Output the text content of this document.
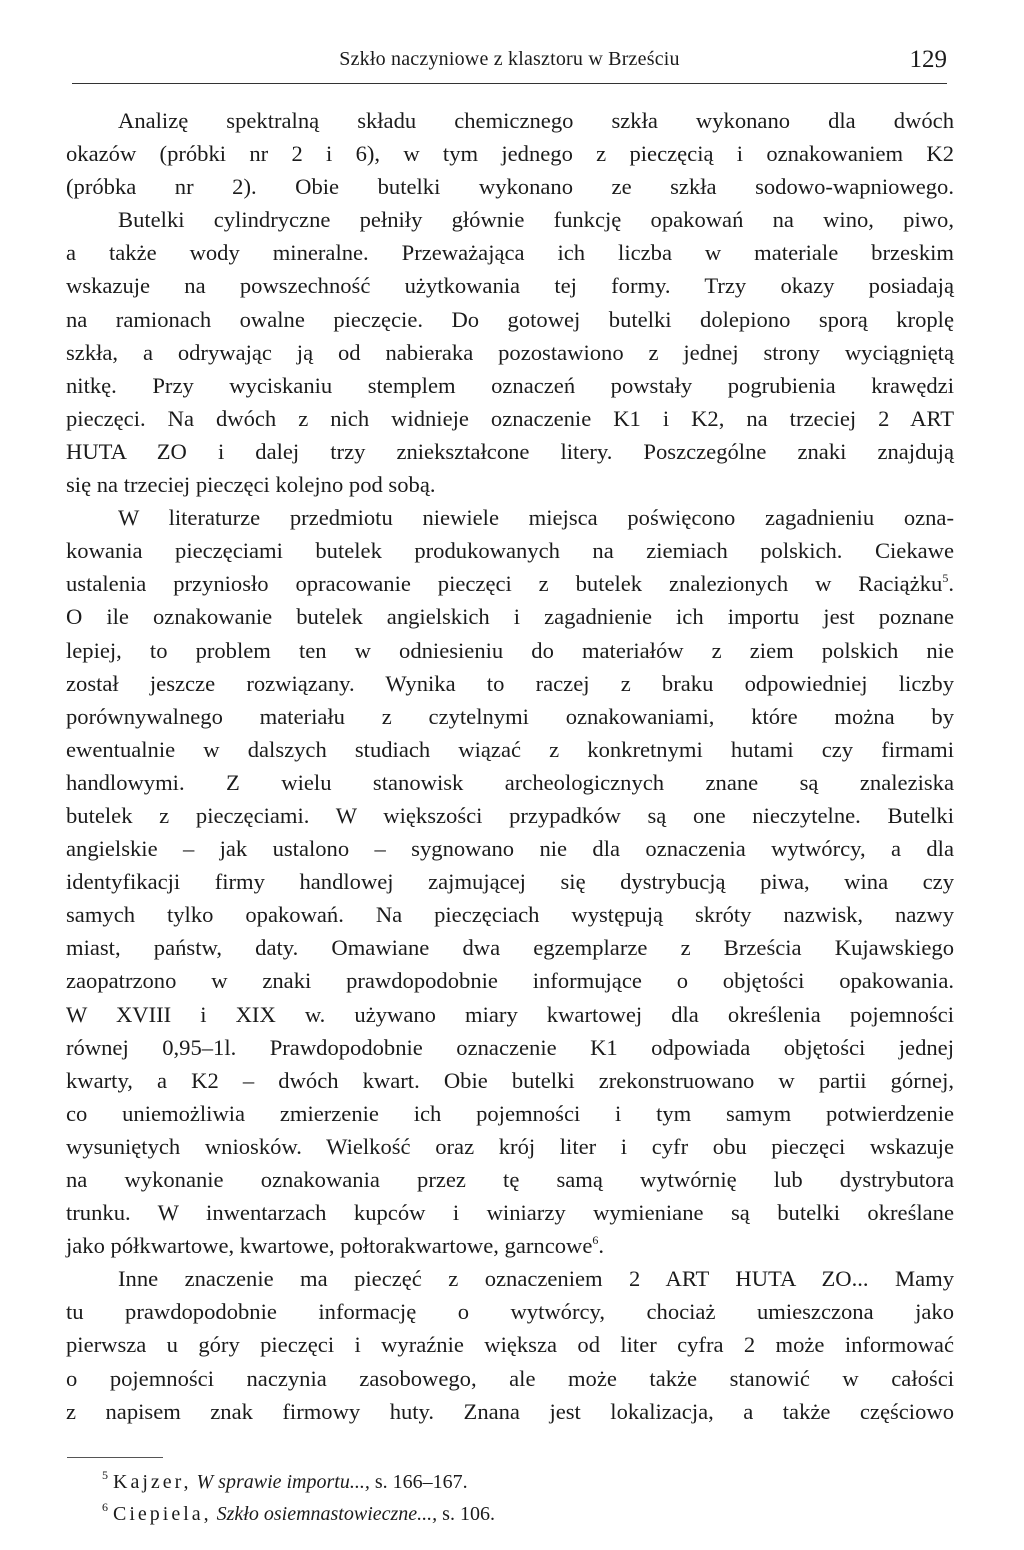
Szkło naczyniowe z klasztoru w Brześciu	129
Analizę spektralną składu chemicznego szkła wykonano dla dwóch
okazów (próbki nr 2 i 6), w tym jednego z pieczęcią i oznakowaniem K2
(próbka nr 2). Obie butelki wykonano ze szkła sodowo-wapniowego.
Butelki cylindryczne pełniły głównie funkcję opakowań na wino, piwo,
a także wody mineralne. Przeważająca ich liczba w materiale brzeskim
wskazuje na powszechność użytkowania tej formy. Trzy okazy posiadają
na ramionach owalne pieczęcie. Do gotowej butelki dolepiono sporą kroplę
szkła, a odrywając ją od nabieraka pozostawiono z jednej strony wyciągniętą
nitkę. Przy wyciskaniu stemplem oznaczeń powstały pogrubienia krawędzi
pieczęci. Na dwóch z nich widnieje oznaczenie K1 i K2, na trzeciej 2 ART
HUTA ZO i dalej trzy zniekształcone litery. Poszczególne znaki znajdują
się na trzeciej pieczęci kolejno pod sobą.
W literaturze przedmiotu niewiele miejsca poświęcono zagadnieniu ozna-
kowania pieczęciami butelek produkowanych na ziemiach polskich. Ciekawe
ustalenia przyniosło opracowanie pieczęci z butelek znalezionych w Raciążku$^5$.
O ile oznakowanie butelek angielskich i zagadnienie ich importu jest poznane
lepiej, to problem ten w odniesieniu do materiałów z ziem polskich nie
został jeszcze rozwiązany. Wynika to raczej z braku odpowiedniej liczby
porównywalnego materiału z czytelnymi oznakowaniami, które można by
ewentualnie w dalszych studiach wiązać z konkretnymi hutami czy firmami
handlowymi. Z wielu stanowisk archeologicznych znane są znaleziska
butelek z pieczęciami. W większości przypadków są one nieczytelne. Butelki
angielskie – jak ustalono – sygnowano nie dla oznaczenia wytwórcy, a dla
identyfikacji firmy handlowej zajmującej się dystrybucją piwa, wina czy
samych tylko opakowań. Na pieczęciach występują skróty nazwisk, nazwy
miast, państw, daty. Omawiane dwa egzemplarze z Brześcia Kujawskiego
zaopatrzono w znaki prawdopodobnie informujące o objętości opakowania.
W XVIII i XIX w. używano miary kwartowej dla określenia pojemności
równej 0,95–1l. Prawdopodobnie oznaczenie K1 odpowiada objętości jednej
kwarty, a K2 – dwóch kwart. Obie butelki zrekonstruowano w partii górnej,
co uniemożliwia zmierzenie ich pojemności i tym samym potwierdzenie
wysuniętych wniosków. Wielkość oraz krój liter i cyfr obu pieczęci wskazuje
na wykonanie oznakowania przez tę samą wytwórnię lub dystrybutora
trunku. W inwentarzach kupców i winiarzy wymieniane są butelki określane
jako półkwartowe, kwartowe, połtorakwartowe, garncowe$^6$.
Inne znaczenie ma pieczęć z oznaczeniem 2 ART HUTA ZO... Mamy
tu prawdopodobnie informację o wytwórcy, chociaż umieszczona jako
pierwsza u góry pieczęci i wyraźnie większa od liter cyfra 2 może informować
o pojemności naczynia zasobowego, ale może także stanowić w całości
z napisem znak firmowy huty. Znana jest lokalizacja, a także częściowo
$^5$ Kajzer, W sprawie importu..., s. 166–167.
$^6$ Ciepiela, Szkło osiemnastowieczne..., s. 106.
